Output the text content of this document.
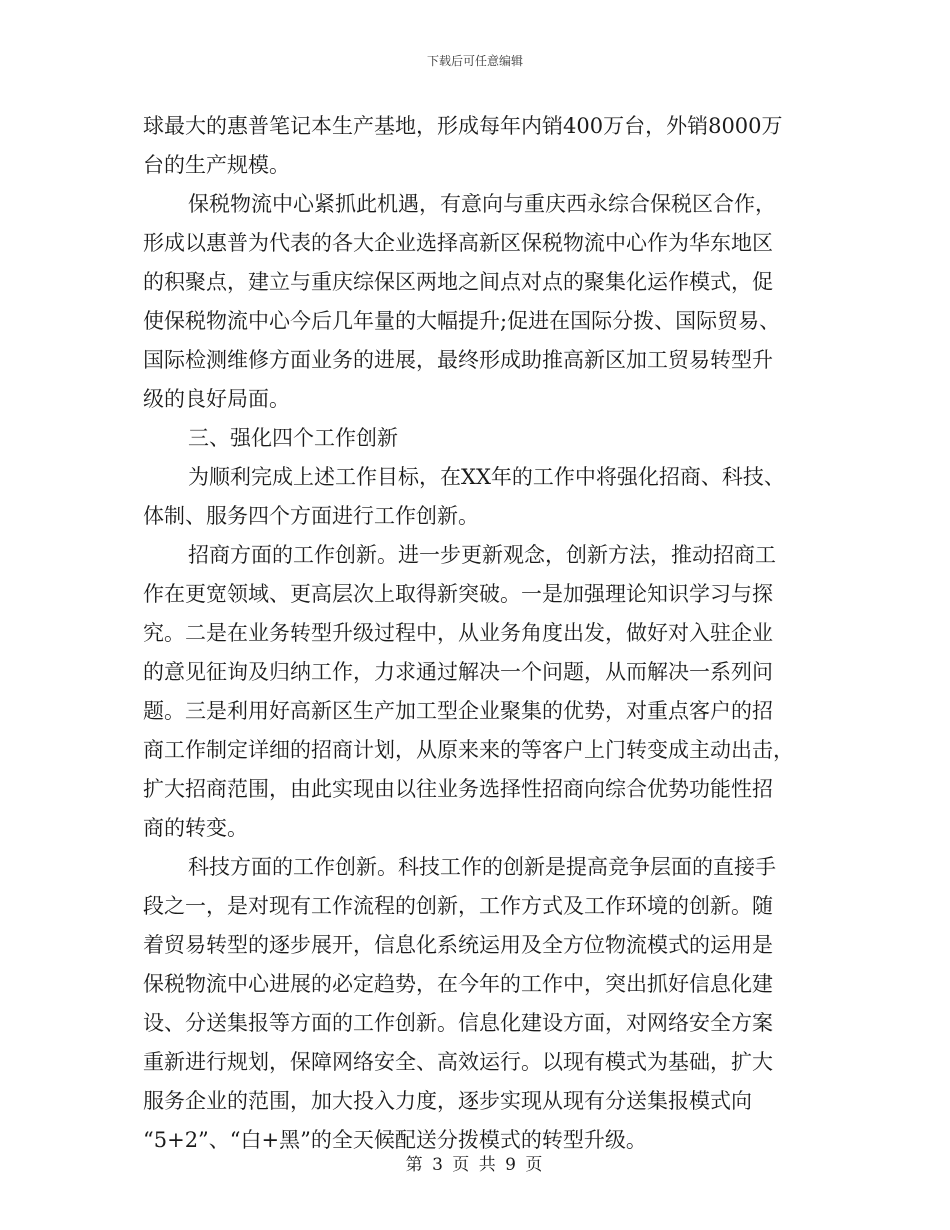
下载后可任意编辑
球最大的惠普笔记本生产基地，形成每年内销400万台，外销8000万
台的生产规模。
保税物流中心紧抓此机遇，有意向与重庆西永综合保税区合作，
形成以惠普为代表的各大企业选择高新区保税物流中心作为华东地区
的积聚点，建立与重庆综保区两地之间点对点的聚集化运作模式，促
使保税物流中心今后几年量的大幅提升;促进在国际分拨、国际贸易、
国际检测维修方面业务的进展，最终形成助推高新区加工贸易转型升
级的良好局面。
三、强化四个工作创新
为顺利完成上述工作目标，在XX年的工作中将强化招商、科技、
体制、服务四个方面进行工作创新。
招商方面的工作创新。进一步更新观念，创新方法，推动招商工
作在更宽领域、更高层次上取得新突破。一是加强理论知识学习与探
究。二是在业务转型升级过程中，从业务角度出发，做好对入驻企业
的意见征询及归纳工作，力求通过解决一个问题，从而解决一系列问
题。三是利用好高新区生产加工型企业聚集的优势，对重点客户的招
商工作制定详细的招商计划，从原来来的等客户上门转变成主动出击，
扩大招商范围，由此实现由以往业务选择性招商向综合优势功能性招
商的转变。
科技方面的工作创新。科技工作的创新是提高竞争层面的直接手
段之一，是对现有工作流程的创新，工作方式及工作环境的创新。随
着贸易转型的逐步展开，信息化系统运用及全方位物流模式的运用是
保税物流中心进展的必定趋势，在今年的工作中，突出抓好信息化建
设、分送集报等方面的工作创新。信息化建设方面，对网络安全方案
重新进行规划，保障网络安全、高效运行。以现有模式为基础，扩大
服务企业的范围，加大投入力度，逐步实现从现有分送集报模式向
“5+2”、“白+黑”的全天候配送分拨模式的转型升级。
第 3 页 共 9 页
